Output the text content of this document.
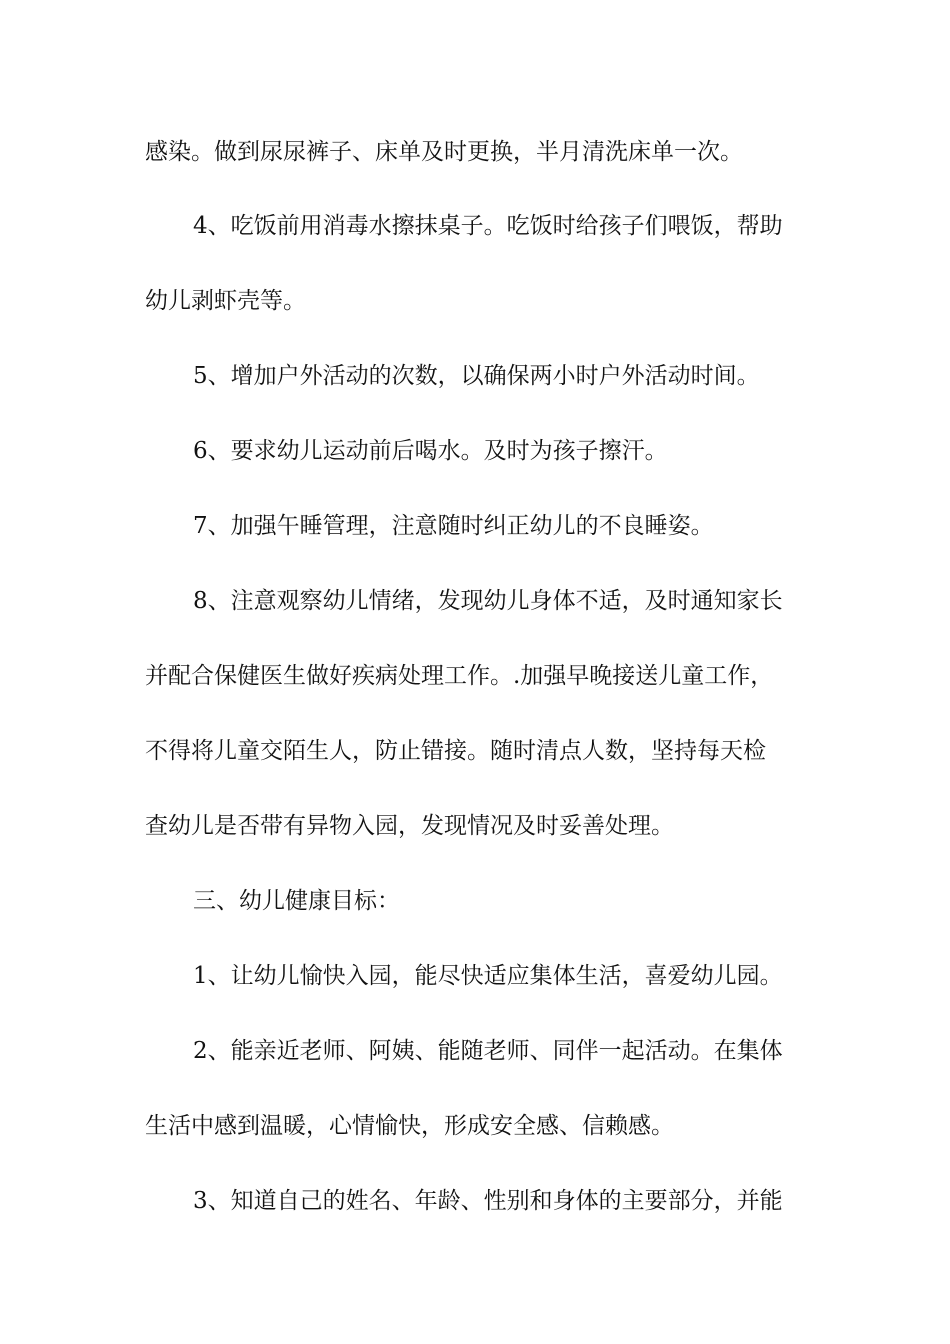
感染。做到尿尿裤子、床单及时更换，半月清洗床单一次。
4、吃饭前用消毒水擦抹桌子。吃饭时给孩子们喂饭，帮助
幼儿剥虾壳等。
5、增加户外活动的次数，以确保两小时户外活动时间。
6、要求幼儿运动前后喝水。及时为孩子擦汗。
7、加强午睡管理，注意随时纠正幼儿的不良睡姿。
8、注意观察幼儿情绪，发现幼儿身体不适，及时通知家长
并配合保健医生做好疾病处理工作。.加强早晚接送儿童工作，
不得将儿童交陌生人，防止错接。随时清点人数，坚持每天检
查幼儿是否带有异物入园，发现情况及时妥善处理。
三、幼儿健康目标：
1、让幼儿愉快入园，能尽快适应集体生活，喜爱幼儿园。
2、能亲近老师、阿姨、能随老师、同伴一起活动。在集体
生活中感到温暖，心情愉快，形成安全感、信赖感。
3、知道自己的姓名、年龄、性别和身体的主要部分，并能
